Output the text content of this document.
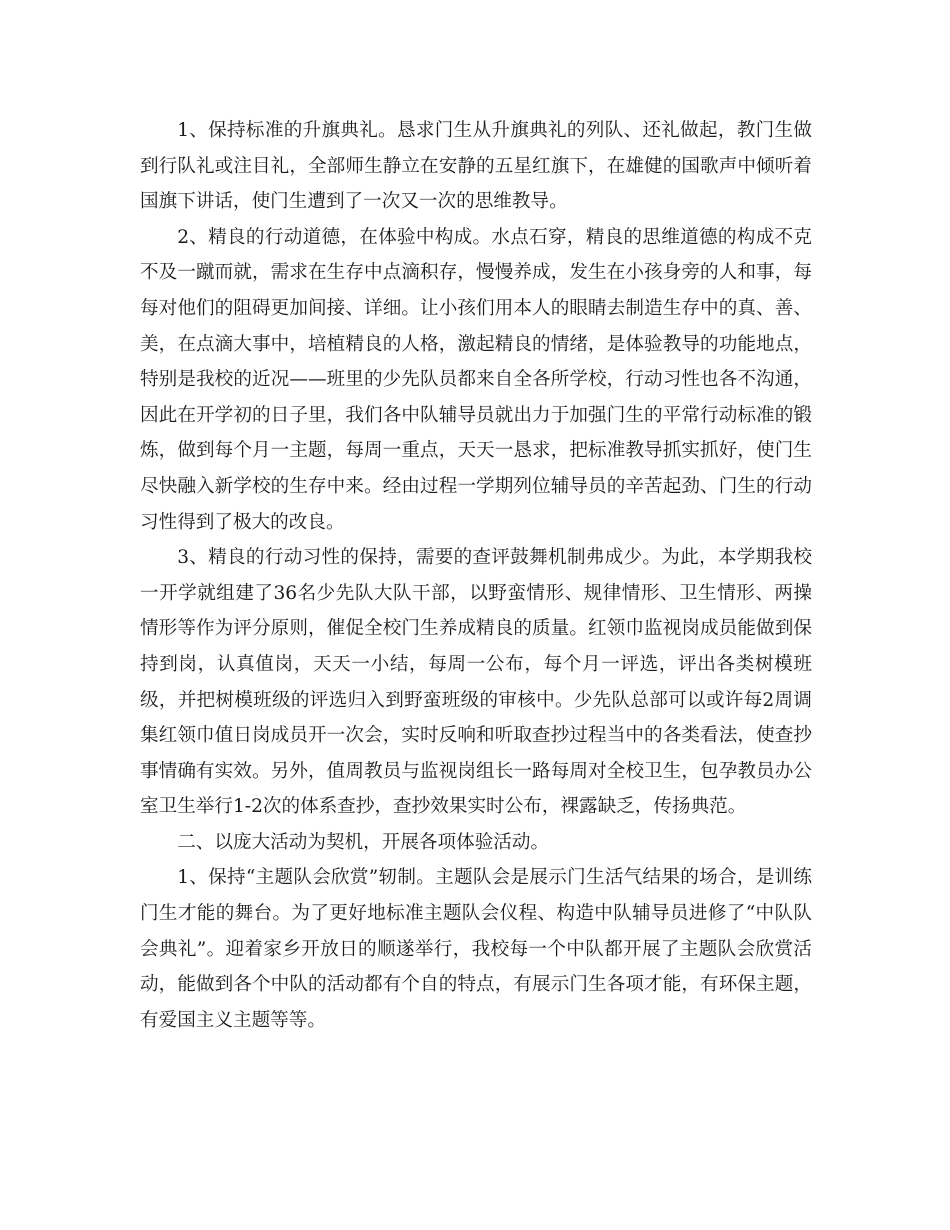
1、保持标准的升旗典礼。恳求门生从升旗典礼的列队、还礼做起，教门生做到行队礼或注目礼，全部师生静立在安静的五星红旗下，在雄健的国歌声中倾听着国旗下讲话，使门生遭到了一次又一次的思维教导。

2、精良的行动道德，在体验中构成。水点石穿，精良的思维道德的构成不克不及一蹴而就，需求在生存中点滴积存，慢慢养成，发生在小孩身旁的人和事，每每对他们的阻碍更加间接、详细。让小孩们用本人的眼睛去制造生存中的真、善、美，在点滴大事中，培植精良的人格，激起精良的情绪，是体验教导的功能地点，特别是我校的近况——班里的少先队员都来自全各所学校，行动习性也各不沟通，因此在开学初的日子里，我们各中队辅导员就出力于加强门生的平常行动标准的锻炼，做到每个月一主题，每周一重点，天天一恳求，把标准教导抓实抓好，使门生尽快融入新学校的生存中来。经由过程一学期列位辅导员的辛苦起劲、门生的行动习性得到了极大的改良。

3、精良的行动习性的保持，需要的查评鼓舞机制弗成少。为此，本学期我校一开学就组建了36名少先队大队干部，以野蛮情形、规律情形、卫生情形、两操情形等作为评分原则，催促全校门生养成精良的质量。红领巾监视岗成员能做到保持到岗，认真值岗，天天一小结，每周一公布，每个月一评选，评出各类树模班级，并把树模班级的评选归入到野蛮班级的审核中。少先队总部可以或许每2周调集红领巾值日岗成员开一次会，实时反响和听取查抄过程当中的各类看法，使查抄事情确有实效。另外，值周教员与监视岗组长一路每周对全校卫生，包孕教员办公室卫生举行1-2次的体系查抄，查抄效果实时公布，裸露缺乏，传扬典范。

二、以庞大活动为契机，开展各项体验活动。

1、保持“主题队会欣赏”轫制。主题队会是展示门生活气结果的场合，是训练门生才能的舞台。为了更好地标准主题队会仪程、构造中队辅导员进修了“中队队会典礼”。迎着家乡开放日的顺遂举行，我校每一个中队都开展了主题队会欣赏活动，能做到各个中队的活动都有个自的特点，有展示门生各项才能，有环保主题，有爱国主义主题等等。
